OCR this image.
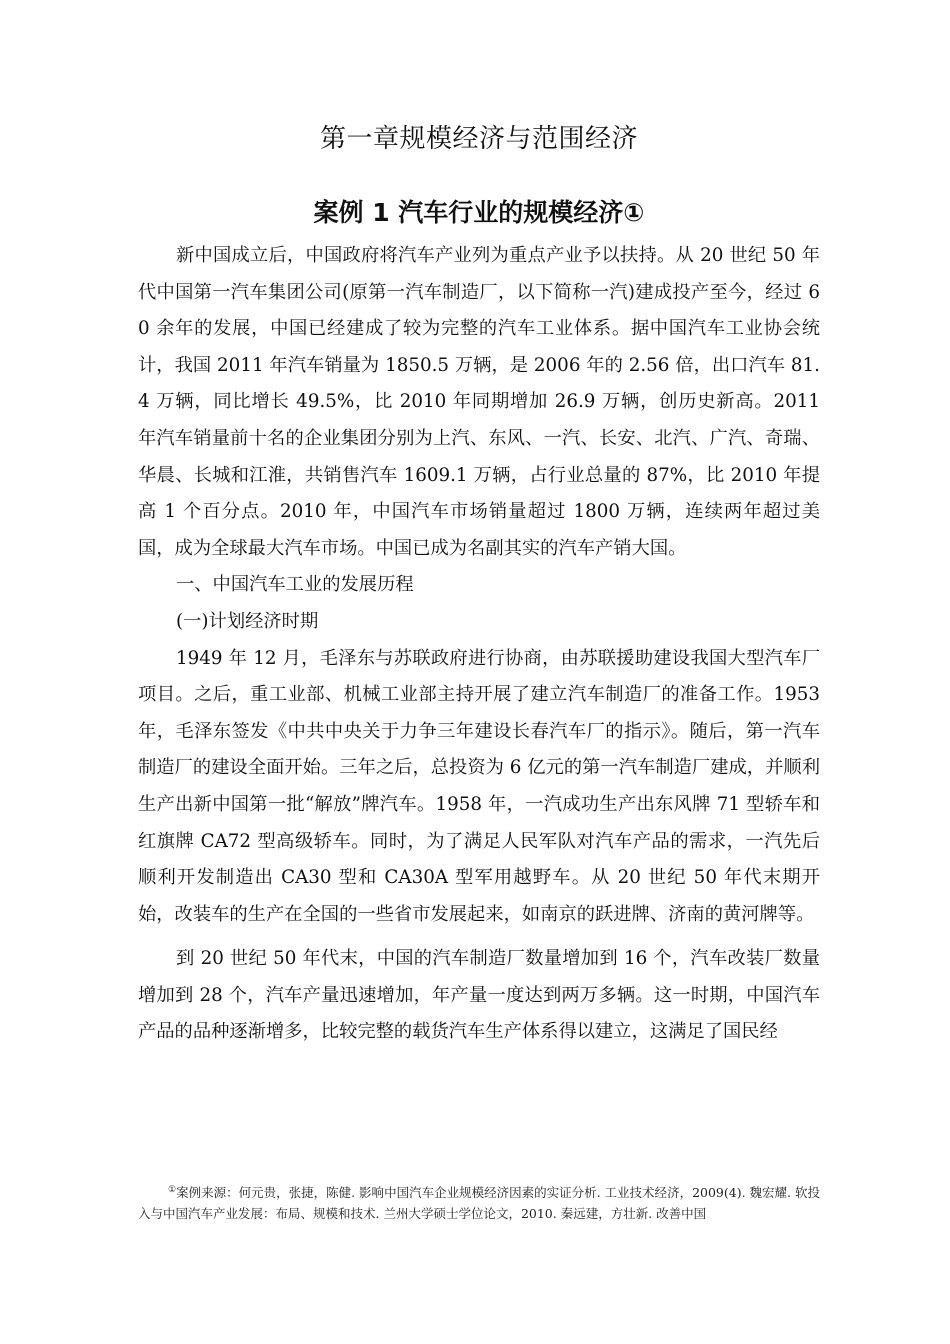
第一章规模经济与范围经济
案例 1 汽车行业的规模经济①

新中国成立后，中国政府将汽车产业列为重点产业予以扶持。从 20 世纪 50 年代中国第一汽车集团公司(原第一汽车制造厂，以下简称一汽)建成投产至今，经过 60 余年的发展，中国已经建成了较为完整的汽车工业体系。据中国汽车工业协会统计，我国 2011 年汽车销量为 1850.5 万辆，是 2006 年的 2.56 倍，出口汽车 81.4 万辆，同比增长 49.5%，比 2010 年同期增加 26.9 万辆，创历史新高。2011 年汽车销量前十名的企业集团分别为上汽、东风、一汽、长安、北汽、广汽、奇瑞、华晨、长城和江淮，共销售汽车 1609.1 万辆，占行业总量的 87%，比 2010 年提高 1 个百分点。2010 年，中国汽车市场销量超过 1800 万辆，连续两年超过美国，成为全球最大汽车市场。中国已成为名副其实的汽车产销大国。

一、中国汽车工业的发展历程

(一)计划经济时期

1949 年 12 月，毛泽东与苏联政府进行协商，由苏联援助建设我国大型汽车厂项目。之后，重工业部、机械工业部主持开展了建立汽车制造厂的准备工作。1953 年，毛泽东签发《中共中央关于力争三年建设长春汽车厂的指示》。随后，第一汽车制造厂的建设全面开始。三年之后，总投资为 6 亿元的第一汽车制造厂建成，并顺利生产出新中国第一批“解放”牌汽车。1958 年，一汽成功生产出东风牌 71 型轿车和红旗牌 CA72 型高级轿车。同时，为了满足人民军队对汽车产品的需求，一汽先后顺利开发制造出 CA30 型和 CA30A 型军用越野车。从 20 世纪 50 年代末期开始，改装车的生产在全国的一些省市发展起来，如南京的跃进牌、济南的黄河牌等。

到 20 世纪 50 年代末，中国的汽车制造厂数量增加到 16 个，汽车改装厂数量增加到 28 个，汽车产量迅速增加，年产量一度达到两万多辆。这一时期，中国汽车产品的品种逐渐增多，比较完整的载货汽车生产体系得以建立，这满足了国民经

①案例来源：何元贵，张捷，陈健. 影响中国汽车企业规模经济因素的实证分析. 工业技术经济，2009(4). 魏宏耀. 软投入与中国汽车产业发展：布局、规模和技术. 兰州大学硕士学位论文，2010. 秦远建，方壮新. 改善中国
